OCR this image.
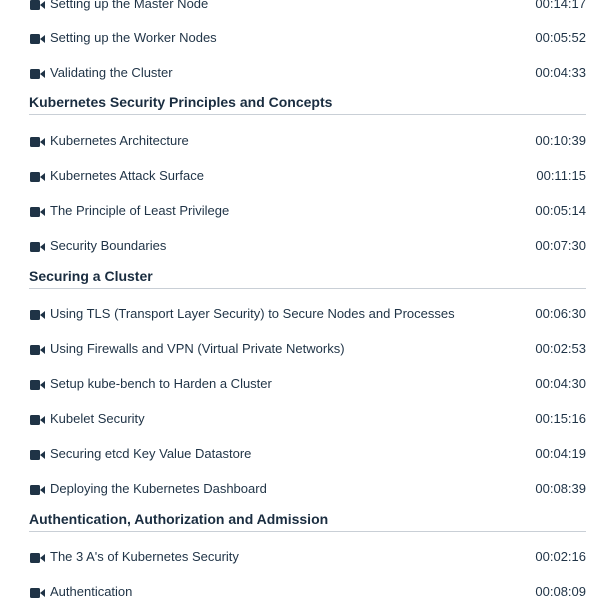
Setting up the Master Node	00:14:17
Setting up the Worker Nodes	00:05:52
Validating the Cluster	00:04:33
Kubernetes Security Principles and Concepts
Kubernetes Architecture	00:10:39
Kubernetes Attack Surface	00:11:15
The Principle of Least Privilege	00:05:14
Security Boundaries	00:07:30
Securing a Cluster
Using TLS (Transport Layer Security) to Secure Nodes and Processes	00:06:30
Using Firewalls and VPN (Virtual Private Networks)	00:02:53
Setup kube-bench to Harden a Cluster	00:04:30
Kubelet Security	00:15:16
Securing etcd Key Value Datastore	00:04:19
Deploying the Kubernetes Dashboard	00:08:39
Authentication, Authorization and Admission
The 3 A's of Kubernetes Security	00:02:16
Authentication	00:08:09
